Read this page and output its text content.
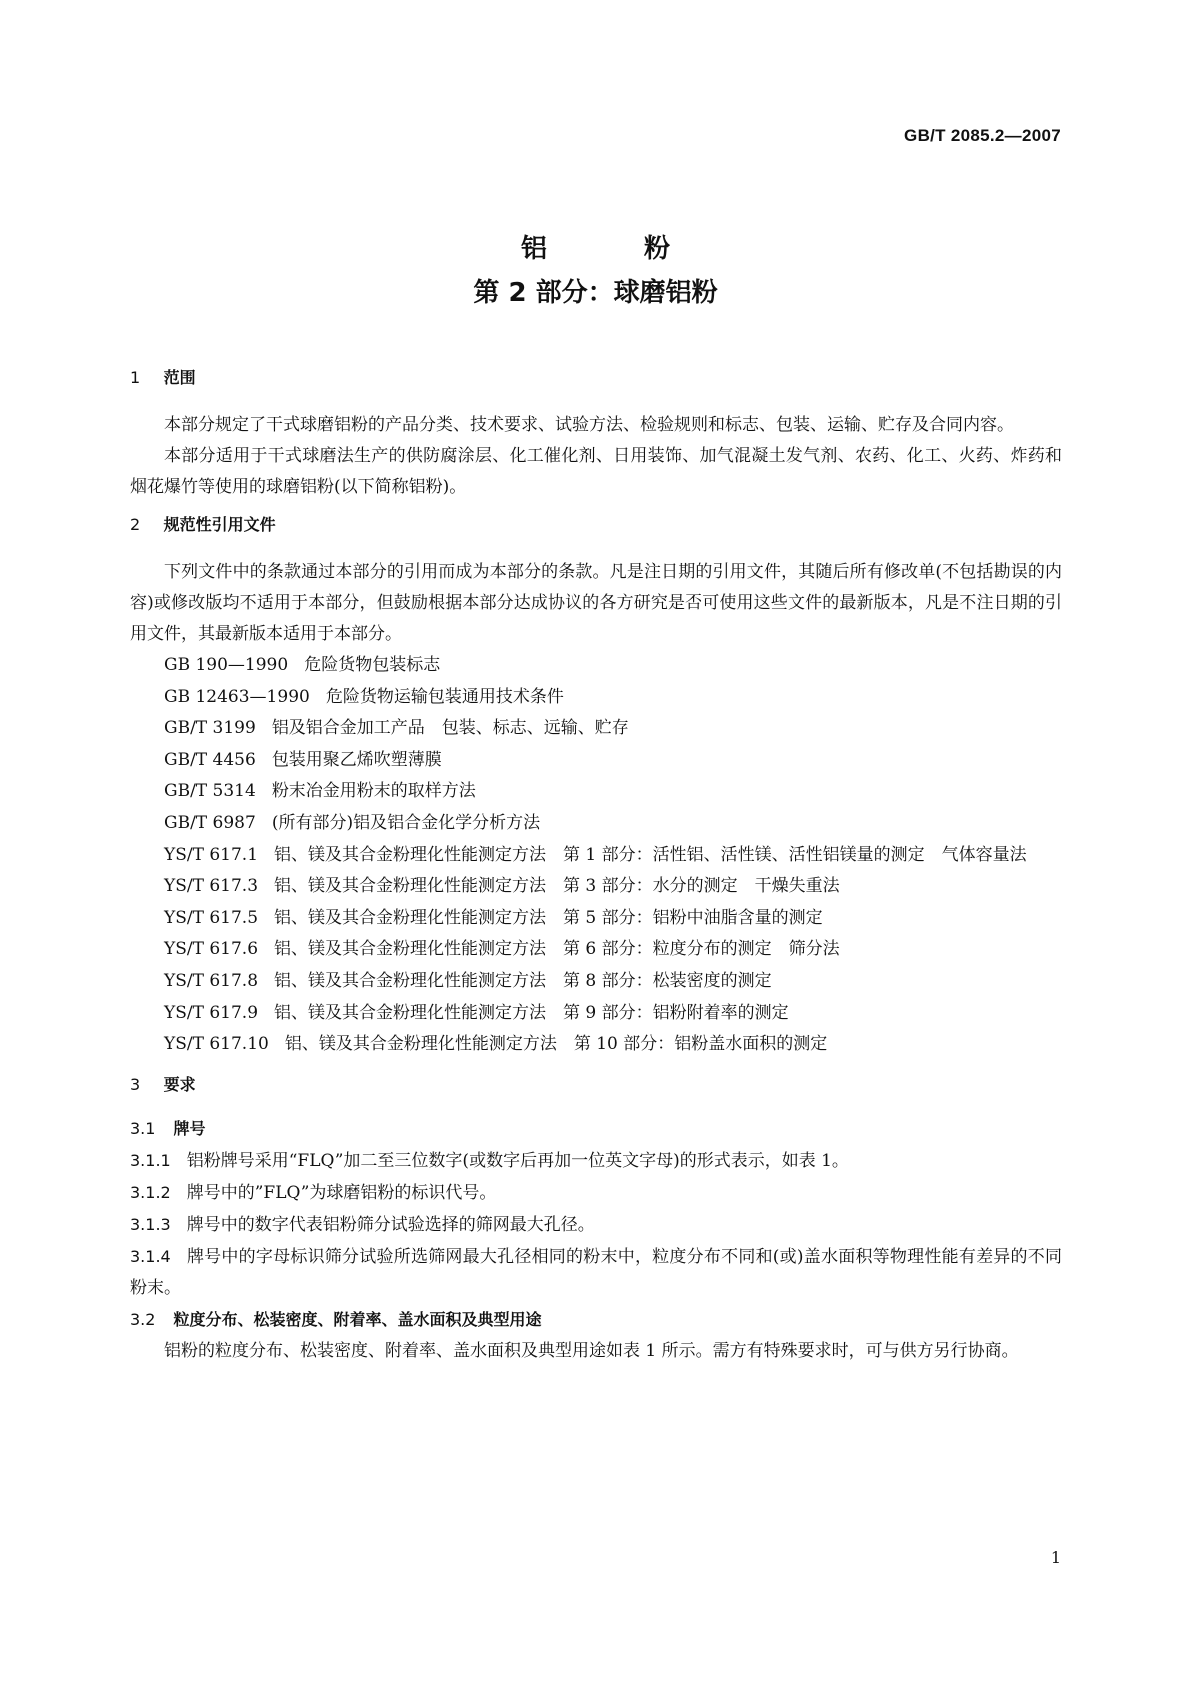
GB/T 2085.2—2007
铝 粉
第 2 部分：球磨铝粉
1 范围

本部分规定了干式球磨铝粉的产品分类、技术要求、试验方法、检验规则和标志、包装、运输、贮存及合同内容。

本部分适用于干式球磨法生产的供防腐涂层、化工催化剂、日用装饰、加气混凝土发气剂、农药、化工、火药、炸药和烟花爆竹等使用的球磨铝粉(以下简称铝粉)。

2 规范性引用文件

下列文件中的条款通过本部分的引用而成为本部分的条款。凡是注日期的引用文件，其随后所有修改单(不包括勘误的内容)或修改版均不适用于本部分，但鼓励根据本部分达成协议的各方研究是否可使用这些文件的最新版本，凡是不注日期的引用文件，其最新版本适用于本部分。

GB 190—1990 危险货物包装标志

GB 12463—1990 危险货物运输包装通用技术条件

GB/T 3199 铝及铝合金加工产品　包装、标志、远输、贮存

GB/T 4456 包装用聚乙烯吹塑薄膜

GB/T 5314 粉末冶金用粉末的取样方法

GB/T 6987 (所有部分)铝及铝合金化学分析方法

YS/T 617.1 铝、镁及其合金粉理化性能测定方法　第 1 部分：活性铝、活性镁、活性铝镁量的测定　气体容量法

YS/T 617.3 铝、镁及其合金粉理化性能测定方法　第 3 部分：水分的测定　干燥失重法

YS/T 617.5 铝、镁及其合金粉理化性能测定方法　第 5 部分：铝粉中油脂含量的测定

YS/T 617.6 铝、镁及其合金粉理化性能测定方法　第 6 部分：粒度分布的测定　筛分法

YS/T 617.8 铝、镁及其合金粉理化性能测定方法　第 8 部分：松装密度的测定

YS/T 617.9 铝、镁及其合金粉理化性能测定方法　第 9 部分：铝粉附着率的测定

YS/T 617.10 铝、镁及其合金粉理化性能测定方法　第 10 部分：铝粉盖水面积的测定

3 要求
3.1 牌号

3.1.1 铝粉牌号采用“FLQ”加二至三位数字(或数字后再加一位英文字母)的形式表示，如表 1。

3.1.2 牌号中的”FLQ”为球磨铝粉的标识代号。

3.1.3 牌号中的数字代表铝粉筛分试验选择的筛网最大孔径。

3.1.4 牌号中的字母标识筛分试验所选筛网最大孔径相同的粉末中，粒度分布不同和(或)盖水面积等物理性能有差异的不同粉末。

3.2 粒度分布、松装密度、附着率、盖水面积及典型用途

铝粉的粒度分布、松装密度、附着率、盖水面积及典型用途如表 1 所示。需方有特殊要求时，可与供方另行协商。

1
